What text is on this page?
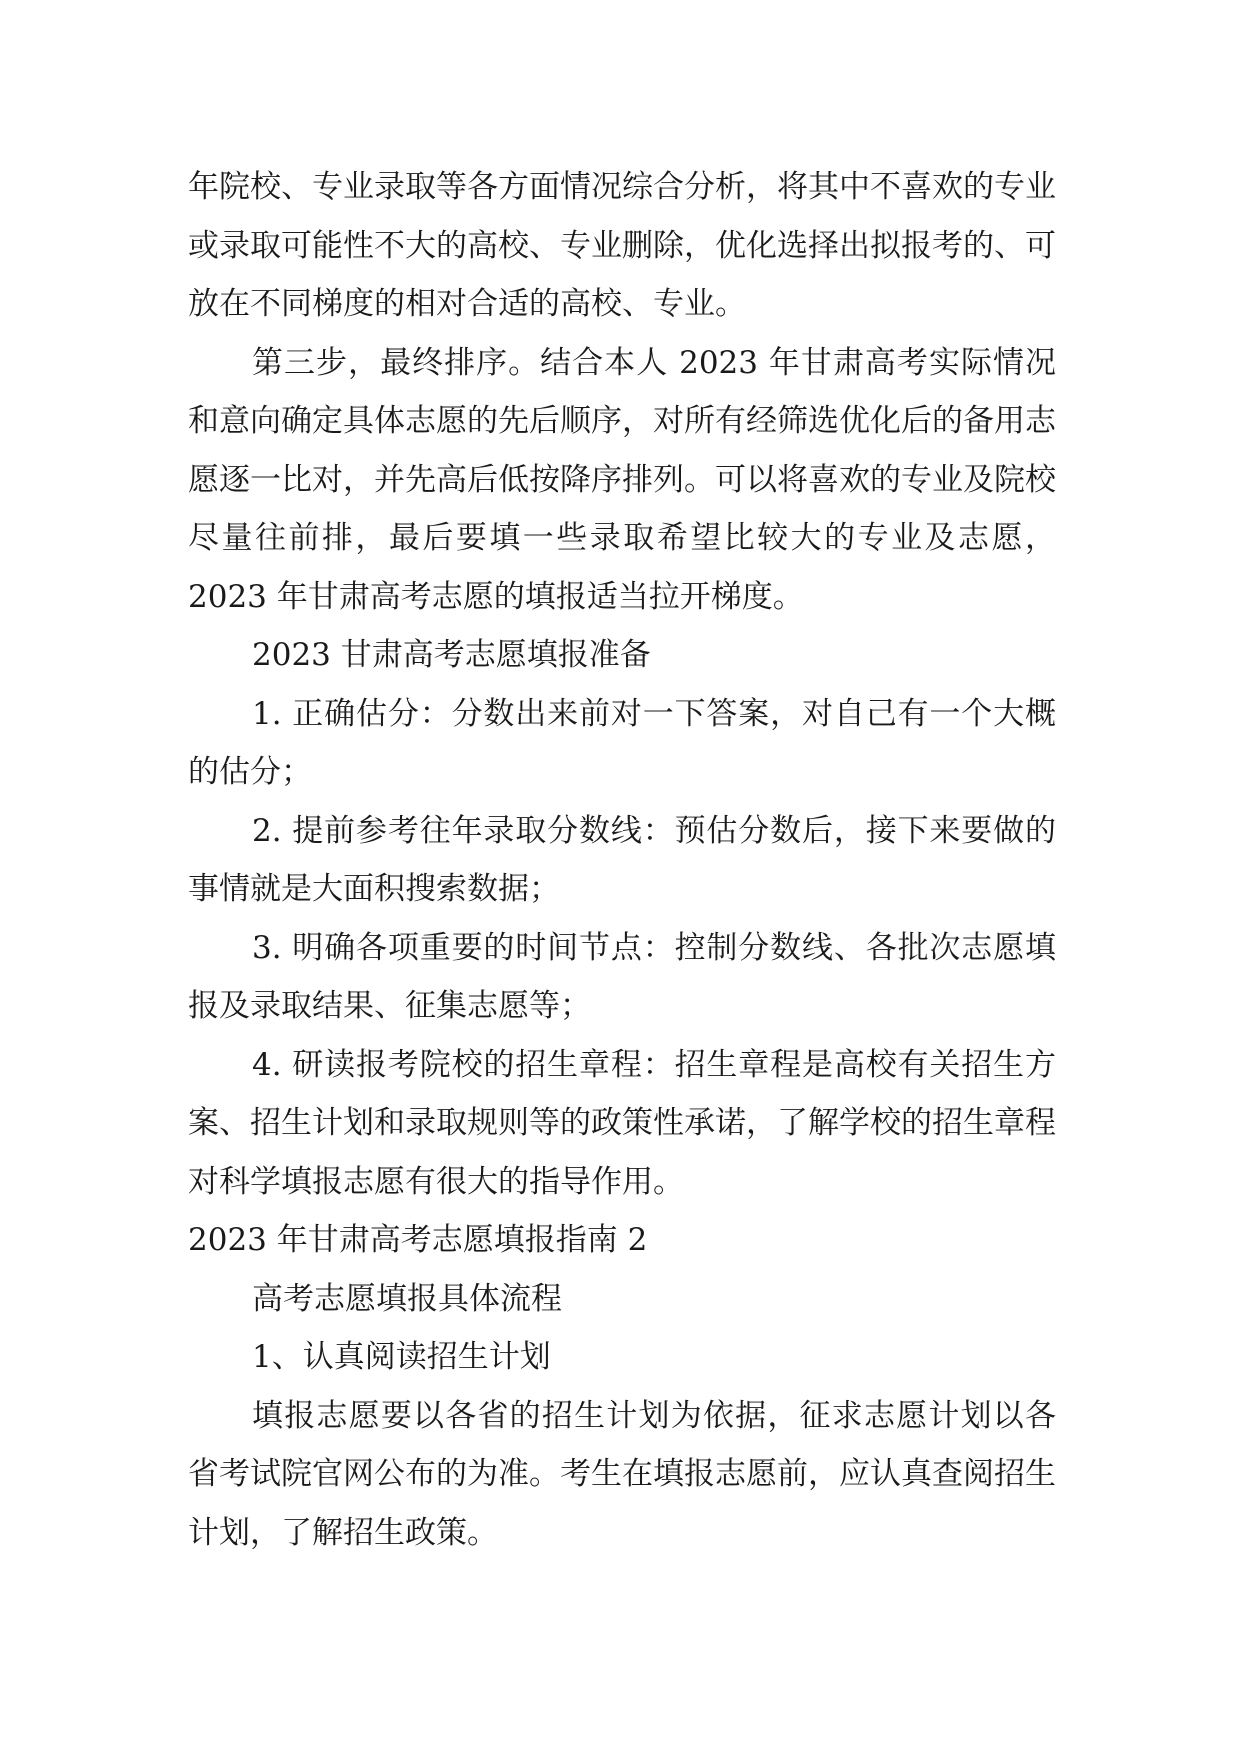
年院校、专业录取等各方面情况综合分析，将其中不喜欢的专业或录取可能性不大的高校、专业删除，优化选择出拟报考的、可放在不同梯度的相对合适的高校、专业。

第三步，最终排序。结合本人 2023 年甘肃高考实际情况和意向确定具体志愿的先后顺序，对所有经筛选优化后的备用志愿逐一比对，并先高后低按降序排列。可以将喜欢的专业及院校尽量往前排，最后要填一些录取希望比较大的专业及志愿，2023 年甘肃高考志愿的填报适当拉开梯度。

2023 甘肃高考志愿填报准备

1. 正确估分：分数出来前对一下答案，对自己有一个大概的估分；

2. 提前参考往年录取分数线：预估分数后，接下来要做的事情就是大面积搜索数据；

3. 明确各项重要的时间节点：控制分数线、各批次志愿填报及录取结果、征集志愿等；

4. 研读报考院校的招生章程：招生章程是高校有关招生方案、招生计划和录取规则等的政策性承诺，了解学校的招生章程对科学填报志愿有很大的指导作用。

2023 年甘肃高考志愿填报指南 2

高考志愿填报具体流程

1、认真阅读招生计划

填报志愿要以各省的招生计划为依据，征求志愿计划以各省考试院官网公布的为准。考生在填报志愿前，应认真查阅招生计划，了解招生政策。
